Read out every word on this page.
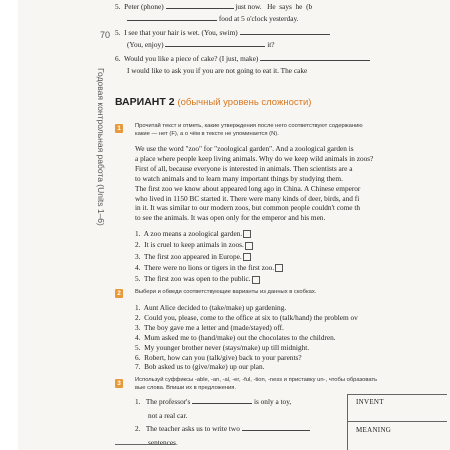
70
Годовая контрольная работа (Units 1–6)
5. Peter (phone)	just now. He says he (b
food at 5 o'clock yesterday.
5. I see that your hair is wet. (You, swim)
(You, enjoy)	it?
6. Would you like a piece of cake? (I just, make)
I would like to ask you if you are not going to eat it. The cake
ВАРИАНТ 2 (обычный уровень сложности)
1	Прочитай текст и отметь, какие утверждения после него соответствуют содержанию
какие — нет (F), а о чём в тексте не упоминается (N).
We use the word "zoo" for "zoological garden". And a zoological garden is
a place where people keep living animals. Why do we keep wild animals in zoos?
First of all, because everyone is interested in animals. Then scientists are a
to watch animals and to learn many important things by studying them.
The first zoo we know about appeared long ago in China. A Chinese emperor
who lived in 1150 BC started it. There were many kinds of deer, birds, and fi
in it. It was similar to our modern zoos, but common people couldn't come th
to see the animals. It was open only for the emperor and his men.
1. A zoo means a zoological garden.
2. It is cruel to keep animals in zoos.
3. The first zoo appeared in Europe.
4. There were no lions or tigers in the first zoo.
5. The first zoo was open to the public.
2	Выбери и обведи соответствующие варианты из данных в скобках.
1. Aunt Alice decided to (take/make) up gardening.
2. Could you, please, come to the office at six to (talk/hand) the problem ov
3. The boy gave me a letter and (made/stayed) off.
4. Mum asked me to (hand/make) out the chocolates to the children.
5. My younger brother never (stays/make) up till midnight.
6. Robert, how can you (talk/give) back to your parents?
7. Bob asked us to (give/make) up our plan.
3	Используй суффиксы -able, -an, -al, -er, -ful, -tion, -ness и приставку un-, чтобы образовать
вые слова. Впиши их в предложения.
1. The professor's	is only a toy,
not a real car.
INVENT
2. The teacher asks us to write two
sentences.
MEANING
